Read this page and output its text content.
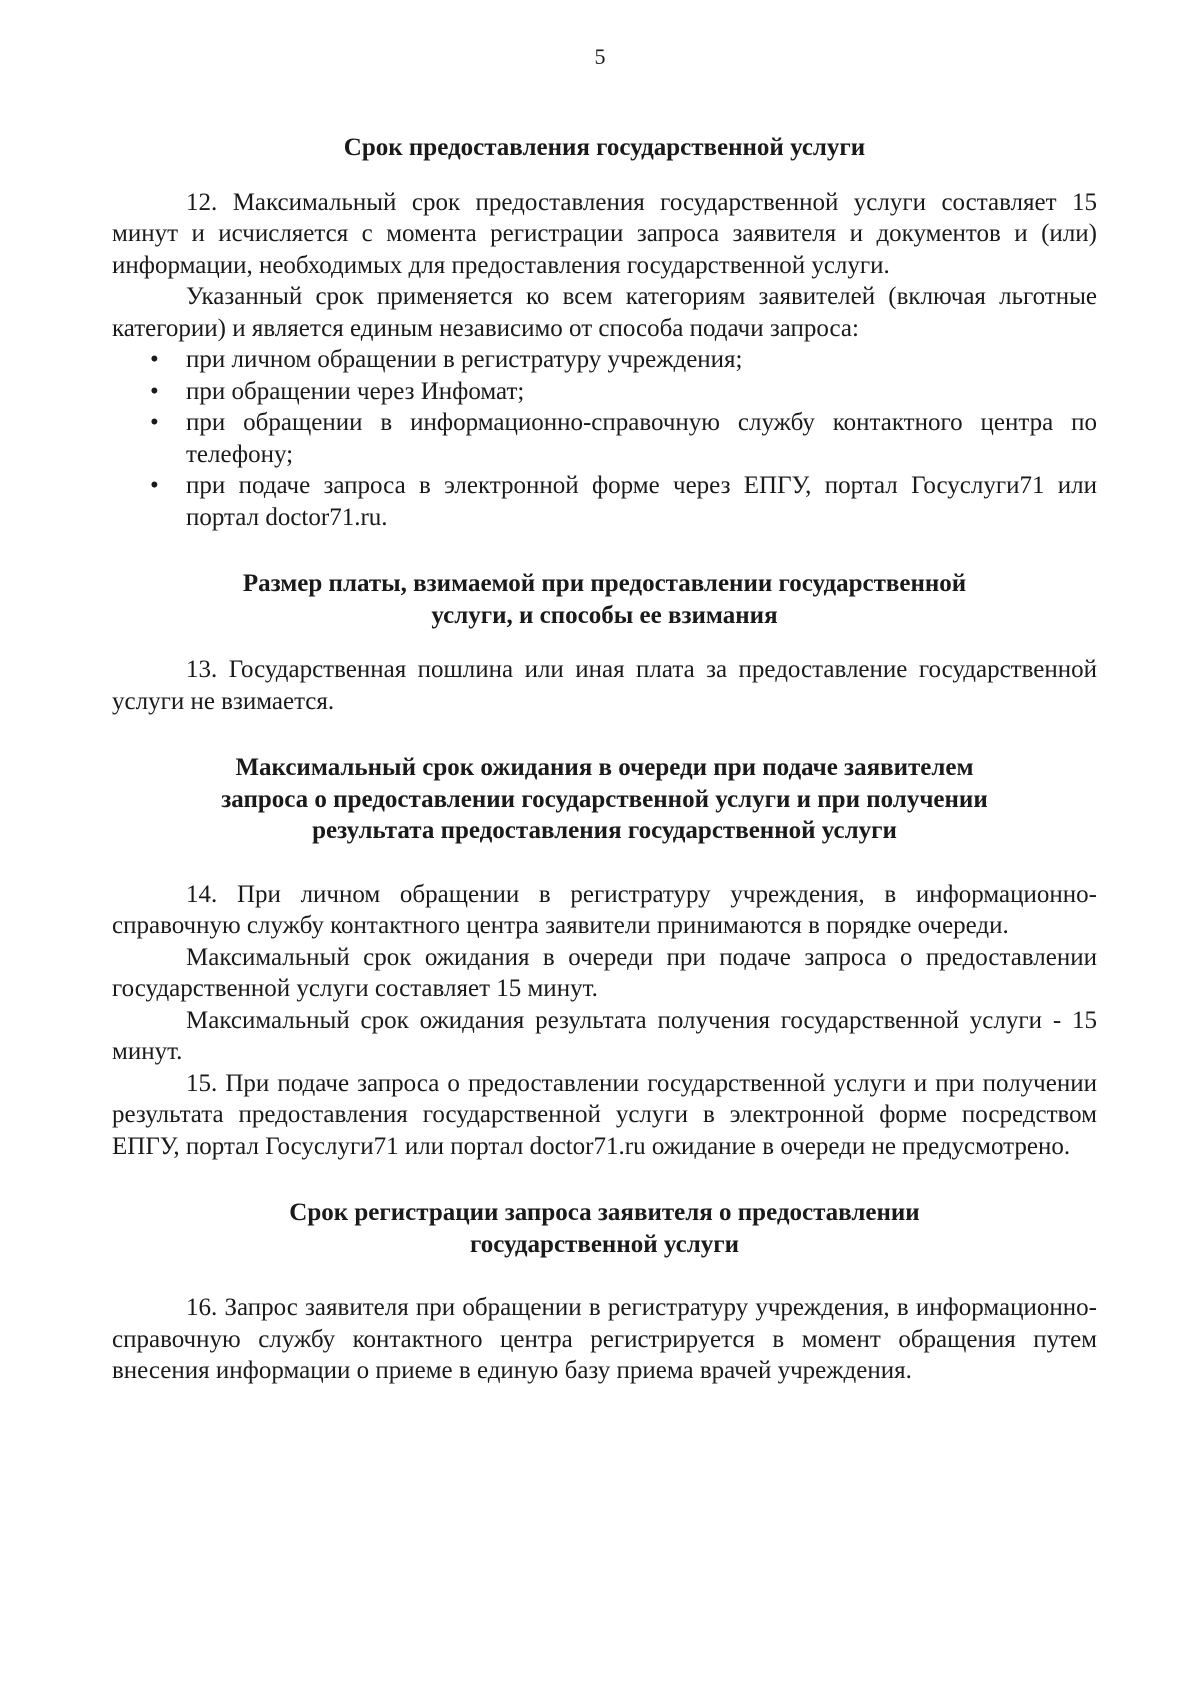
5
Срок предоставления государственной услуги

12. Максимальный срок предоставления государственной услуги составляет 15 минут и исчисляется с момента регистрации запроса заявителя и документов и (или) информации, необходимых для предоставления государственной услуги.

Указанный срок применяется ко всем категориям заявителей (включая льготные категории) и является единым независимо от способа подачи запроса:

• при личном обращении в регистратуру учреждения;
• при обращении через Инфомат;
• при обращении в информационно-справочную службу контактного центра по телефону;
• при подаче запроса в электронной форме через ЕПГУ, портал Госуслуги71 или портал doctor71.ru.
Размер платы, взимаемой при предоставлении государственной
услуги, и способы ее взимания

13. Государственная пошлина или иная плата за предоставление государственной услуги не взимается.

Максимальный срок ожидания в очереди при подаче заявителем
запроса о предоставлении государственной услуги и при получении
результата предоставления государственной услуги

14. При личном обращении в регистратуру учреждения, в информационно-справочную службу контактного центра заявители принимаются в порядке очереди.

Максимальный срок ожидания в очереди при подаче запроса о предоставлении государственной услуги составляет 15 минут.

Максимальный срок ожидания результата получения государственной услуги - 15 минут.

15. При подаче запроса о предоставлении государственной услуги и при получении результата предоставления государственной услуги в электронной форме посредством ЕПГУ, портал Госуслуги71 или портал doctor71.ru ожидание в очереди не предусмотрено.

Срок регистрации запроса заявителя о предоставлении
государственной услуги

16. Запрос заявителя при обращении в регистратуру учреждения, в информационно-справочную службу контактного центра регистрируется в момент обращения путем внесения информации о приеме в единую базу приема врачей учреждения.
